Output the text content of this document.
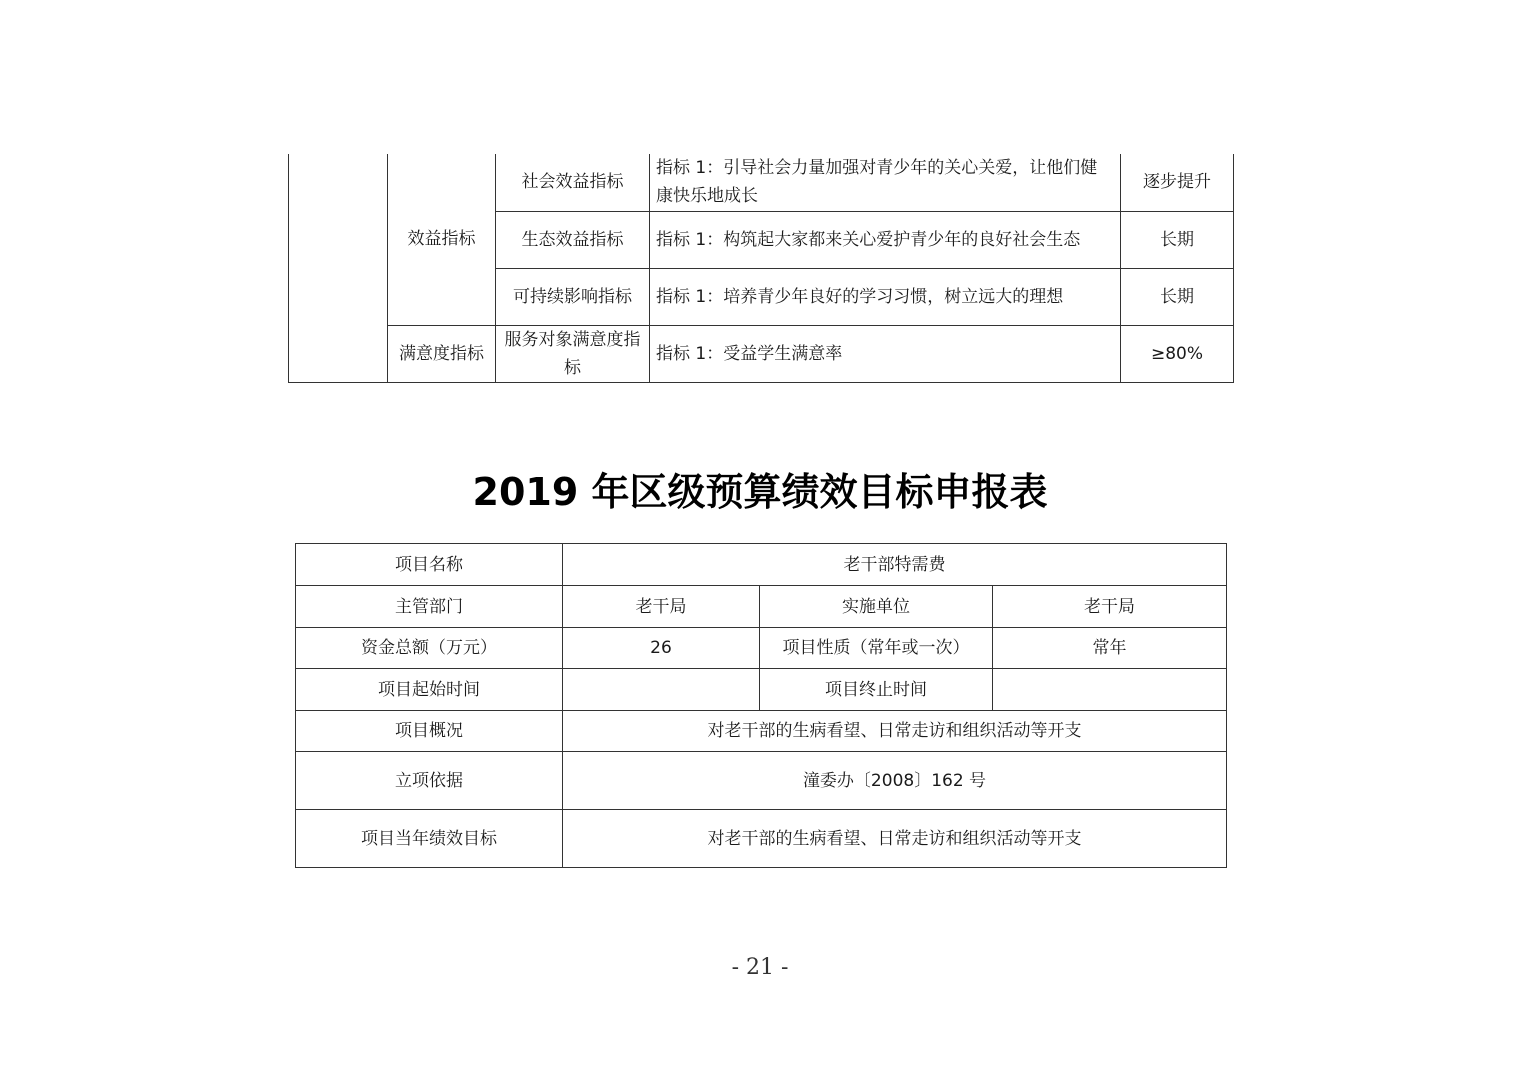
	效益指标	社会效益指标	指标 1：引导社会力量加强对青少年的关心关爱，让他们健康快乐地成长	逐步提升
		生态效益指标	指标 1：构筑起大家都来关心爱护青少年的良好社会生态	长期
		可持续影响指标	指标 1：培养青少年良好的学习习惯，树立远大的理想	长期
	满意度指标	服务对象满意度指标	指标 1：受益学生满意率	≥80%
2019 年区级预算绩效目标申报表
项目名称	老干部特需费		
主管部门	老干局	实施单位	老干局
资金总额（万元）	26	项目性质（常年或一次）	常年
项目起始时间		项目终止时间	
项目概况	对老干部的生病看望、日常走访和组织活动等开支		
立项依据	潼委办〔2008〕162 号		
项目当年绩效目标	对老干部的生病看望、日常走访和组织活动等开支		
- 21 -
